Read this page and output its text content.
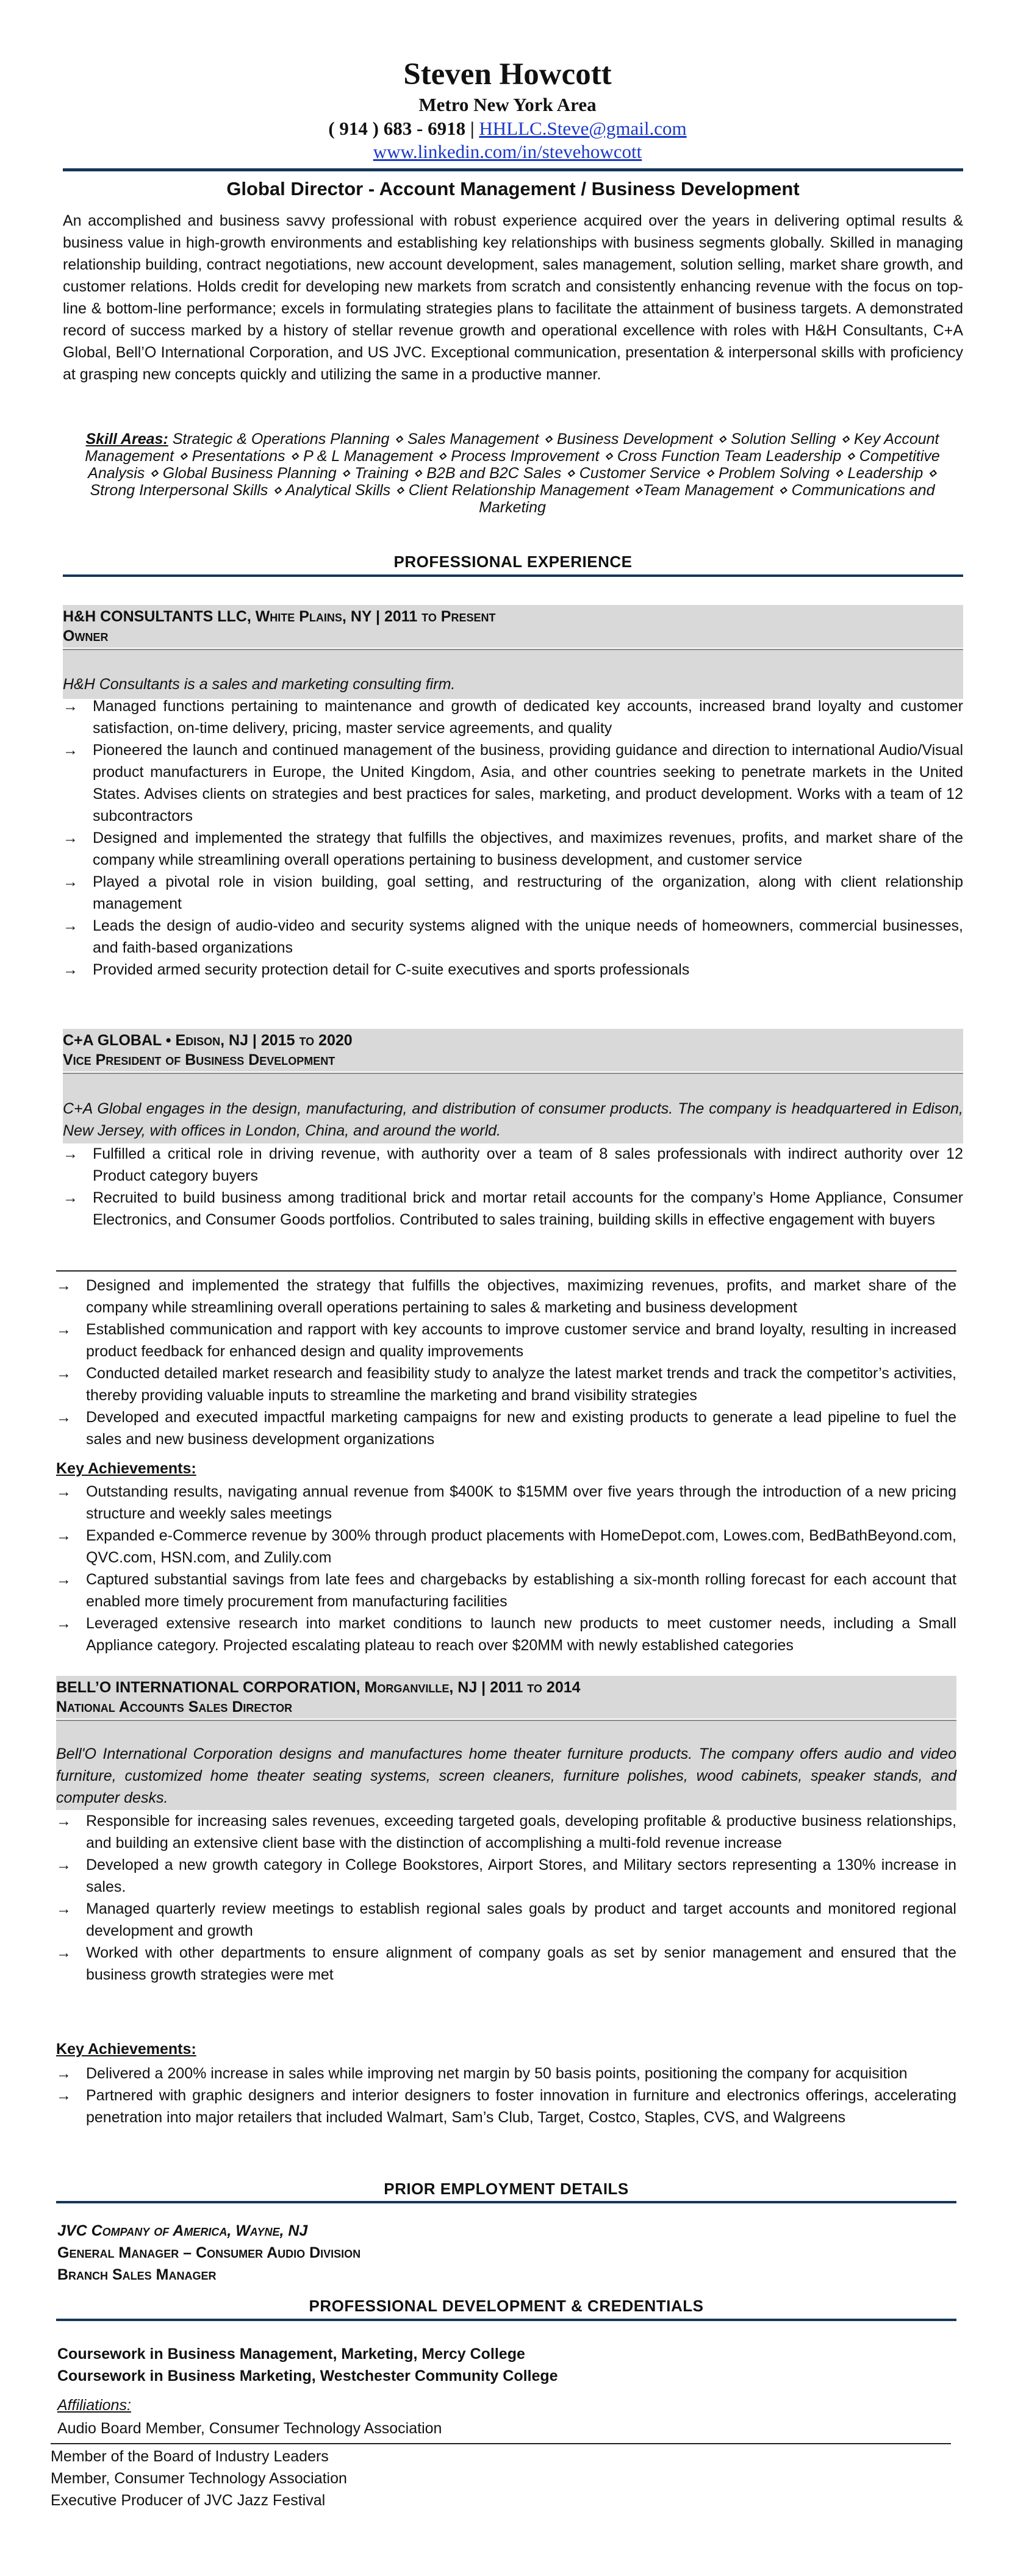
Steven Howcott
Metro New York Area
( 914 ) 683 - 6918 | HHLLC.Steve@gmail.com
www.linkedin.com/in/stevehowcott
Global Director - Account Management / Business Development
An accomplished and business savvy professional with robust experience acquired over the years in delivering optimal results & business value in high-growth environments and establishing key relationships with business segments globally. Skilled in managing relationship building, contract negotiations, new account development, sales management, solution selling, market share growth, and customer relations. Holds credit for developing new markets from scratch and consistently enhancing revenue with the focus on top-line & bottom-line performance; excels in formulating strategies plans to facilitate the attainment of business targets. A demonstrated record of success marked by a history of stellar revenue growth and operational excellence with roles with H&H Consultants, C+A Global, Bell’O International Corporation, and US JVC. Exceptional communication, presentation & interpersonal skills with proficiency at grasping new concepts quickly and utilizing the same in a productive manner.
Skill Areas: Strategic & Operations Planning ⋄ Sales Management ⋄ Business Development ⋄ Solution Selling ⋄ Key Account Management ⋄ Presentations ⋄ P & L Management ⋄ Process Improvement ⋄ Cross Function Team Leadership ⋄ Competitive Analysis ⋄ Global Business Planning ⋄ Training ⋄ B2B and B2C Sales ⋄ Customer Service ⋄ Problem Solving ⋄ Leadership ⋄ Strong Interpersonal Skills ⋄ Analytical Skills ⋄ Client Relationship Management ⋄Team Management ⋄ Communications and Marketing
PROFESSIONAL EXPERIENCE
H&H CONSULTANTS LLC, White Plains, NY | 2011 to Present
Owner
H&H Consultants is a sales and marketing consulting firm.
→ Managed functions pertaining to maintenance and growth of dedicated key accounts, increased brand loyalty and customer satisfaction, on-time delivery, pricing, master service agreements, and quality
→ Pioneered the launch and continued management of the business, providing guidance and direction to international Audio/Visual product manufacturers in Europe, the United Kingdom, Asia, and other countries seeking to penetrate markets in the United States. Advises clients on strategies and best practices for sales, marketing, and product development. Works with a team of 12 subcontractors
→ Designed and implemented the strategy that fulfills the objectives, and maximizes revenues, profits, and market share of the company while streamlining overall operations pertaining to business development, and customer service
→ Played a pivotal role in vision building, goal setting, and restructuring of the organization, along with client relationship management
→ Leads the design of audio-video and security systems aligned with the unique needs of homeowners, commercial businesses, and faith-based organizations
→ Provided armed security protection detail for C-suite executives and sports professionals
C+A GLOBAL • Edison, NJ | 2015 to 2020
Vice President of Business Development
C+A Global engages in the design, manufacturing, and distribution of consumer products. The company is headquartered in Edison, New Jersey, with offices in London, China, and around the world.
→ Fulfilled a critical role in driving revenue, with authority over a team of 8 sales professionals with indirect authority over 12 Product category buyers
→ Recruited to build business among traditional brick and mortar retail accounts for the company’s Home Appliance, Consumer Electronics, and Consumer Goods portfolios. Contributed to sales training, building skills in effective engagement with buyers
→ Designed and implemented the strategy that fulfills the objectives, maximizing revenues, profits, and market share of the company while streamlining overall operations pertaining to sales & marketing and business development
→ Established communication and rapport with key accounts to improve customer service and brand loyalty, resulting in increased product feedback for enhanced design and quality improvements
→ Conducted detailed market research and feasibility study to analyze the latest market trends and track the competitor’s activities, thereby providing valuable inputs to streamline the marketing and brand visibility strategies
→ Developed and executed impactful marketing campaigns for new and existing products to generate a lead pipeline to fuel the sales and new business development organizations
Key Achievements:
→ Outstanding results, navigating annual revenue from $400K to $15MM over five years through the introduction of a new pricing structure and weekly sales meetings
→ Expanded e-Commerce revenue by 300% through product placements with HomeDepot.com, Lowes.com, BedBathBeyond.com, QVC.com, HSN.com, and Zulily.com
→ Captured substantial savings from late fees and chargebacks by establishing a six-month rolling forecast for each account that enabled more timely procurement from manufacturing facilities
→ Leveraged extensive research into market conditions to launch new products to meet customer needs, including a Small Appliance category. Projected escalating plateau to reach over $20MM with newly established categories
BELL’O INTERNATIONAL CORPORATION, Morganville, NJ | 2011 to 2014
National Accounts Sales Director
Bell'O International Corporation designs and manufactures home theater furniture products. The company offers audio and video furniture, customized home theater seating systems, screen cleaners, furniture polishes, wood cabinets, speaker stands, and computer desks.
→ Responsible for increasing sales revenues, exceeding targeted goals, developing profitable & productive business relationships, and building an extensive client base with the distinction of accomplishing a multi-fold revenue increase
→ Developed a new growth category in College Bookstores, Airport Stores, and Military sectors representing a 130% increase in sales.
→ Managed quarterly review meetings to establish regional sales goals by product and target accounts and monitored regional development and growth
→ Worked with other departments to ensure alignment of company goals as set by senior management and ensured that the business growth strategies were met
Key Achievements:
→ Delivered a 200% increase in sales while improving net margin by 50 basis points, positioning the company for acquisition
→ Partnered with graphic designers and interior designers to foster innovation in furniture and electronics offerings, accelerating penetration into major retailers that included Walmart, Sam’s Club, Target, Costco, Staples, CVS, and Walgreens
PRIOR EMPLOYMENT DETAILS
JVC Company of America, Wayne, NJ
General Manager – Consumer Audio Division
Branch Sales Manager
PROFESSIONAL DEVELOPMENT & CREDENTIALS
Coursework in Business Management, Marketing, Mercy College
Coursework in Business Marketing, Westchester Community College
Affiliations:
Audio Board Member, Consumer Technology Association
Member of the Board of Industry Leaders
Member, Consumer Technology Association
Executive Producer of JVC Jazz Festival
